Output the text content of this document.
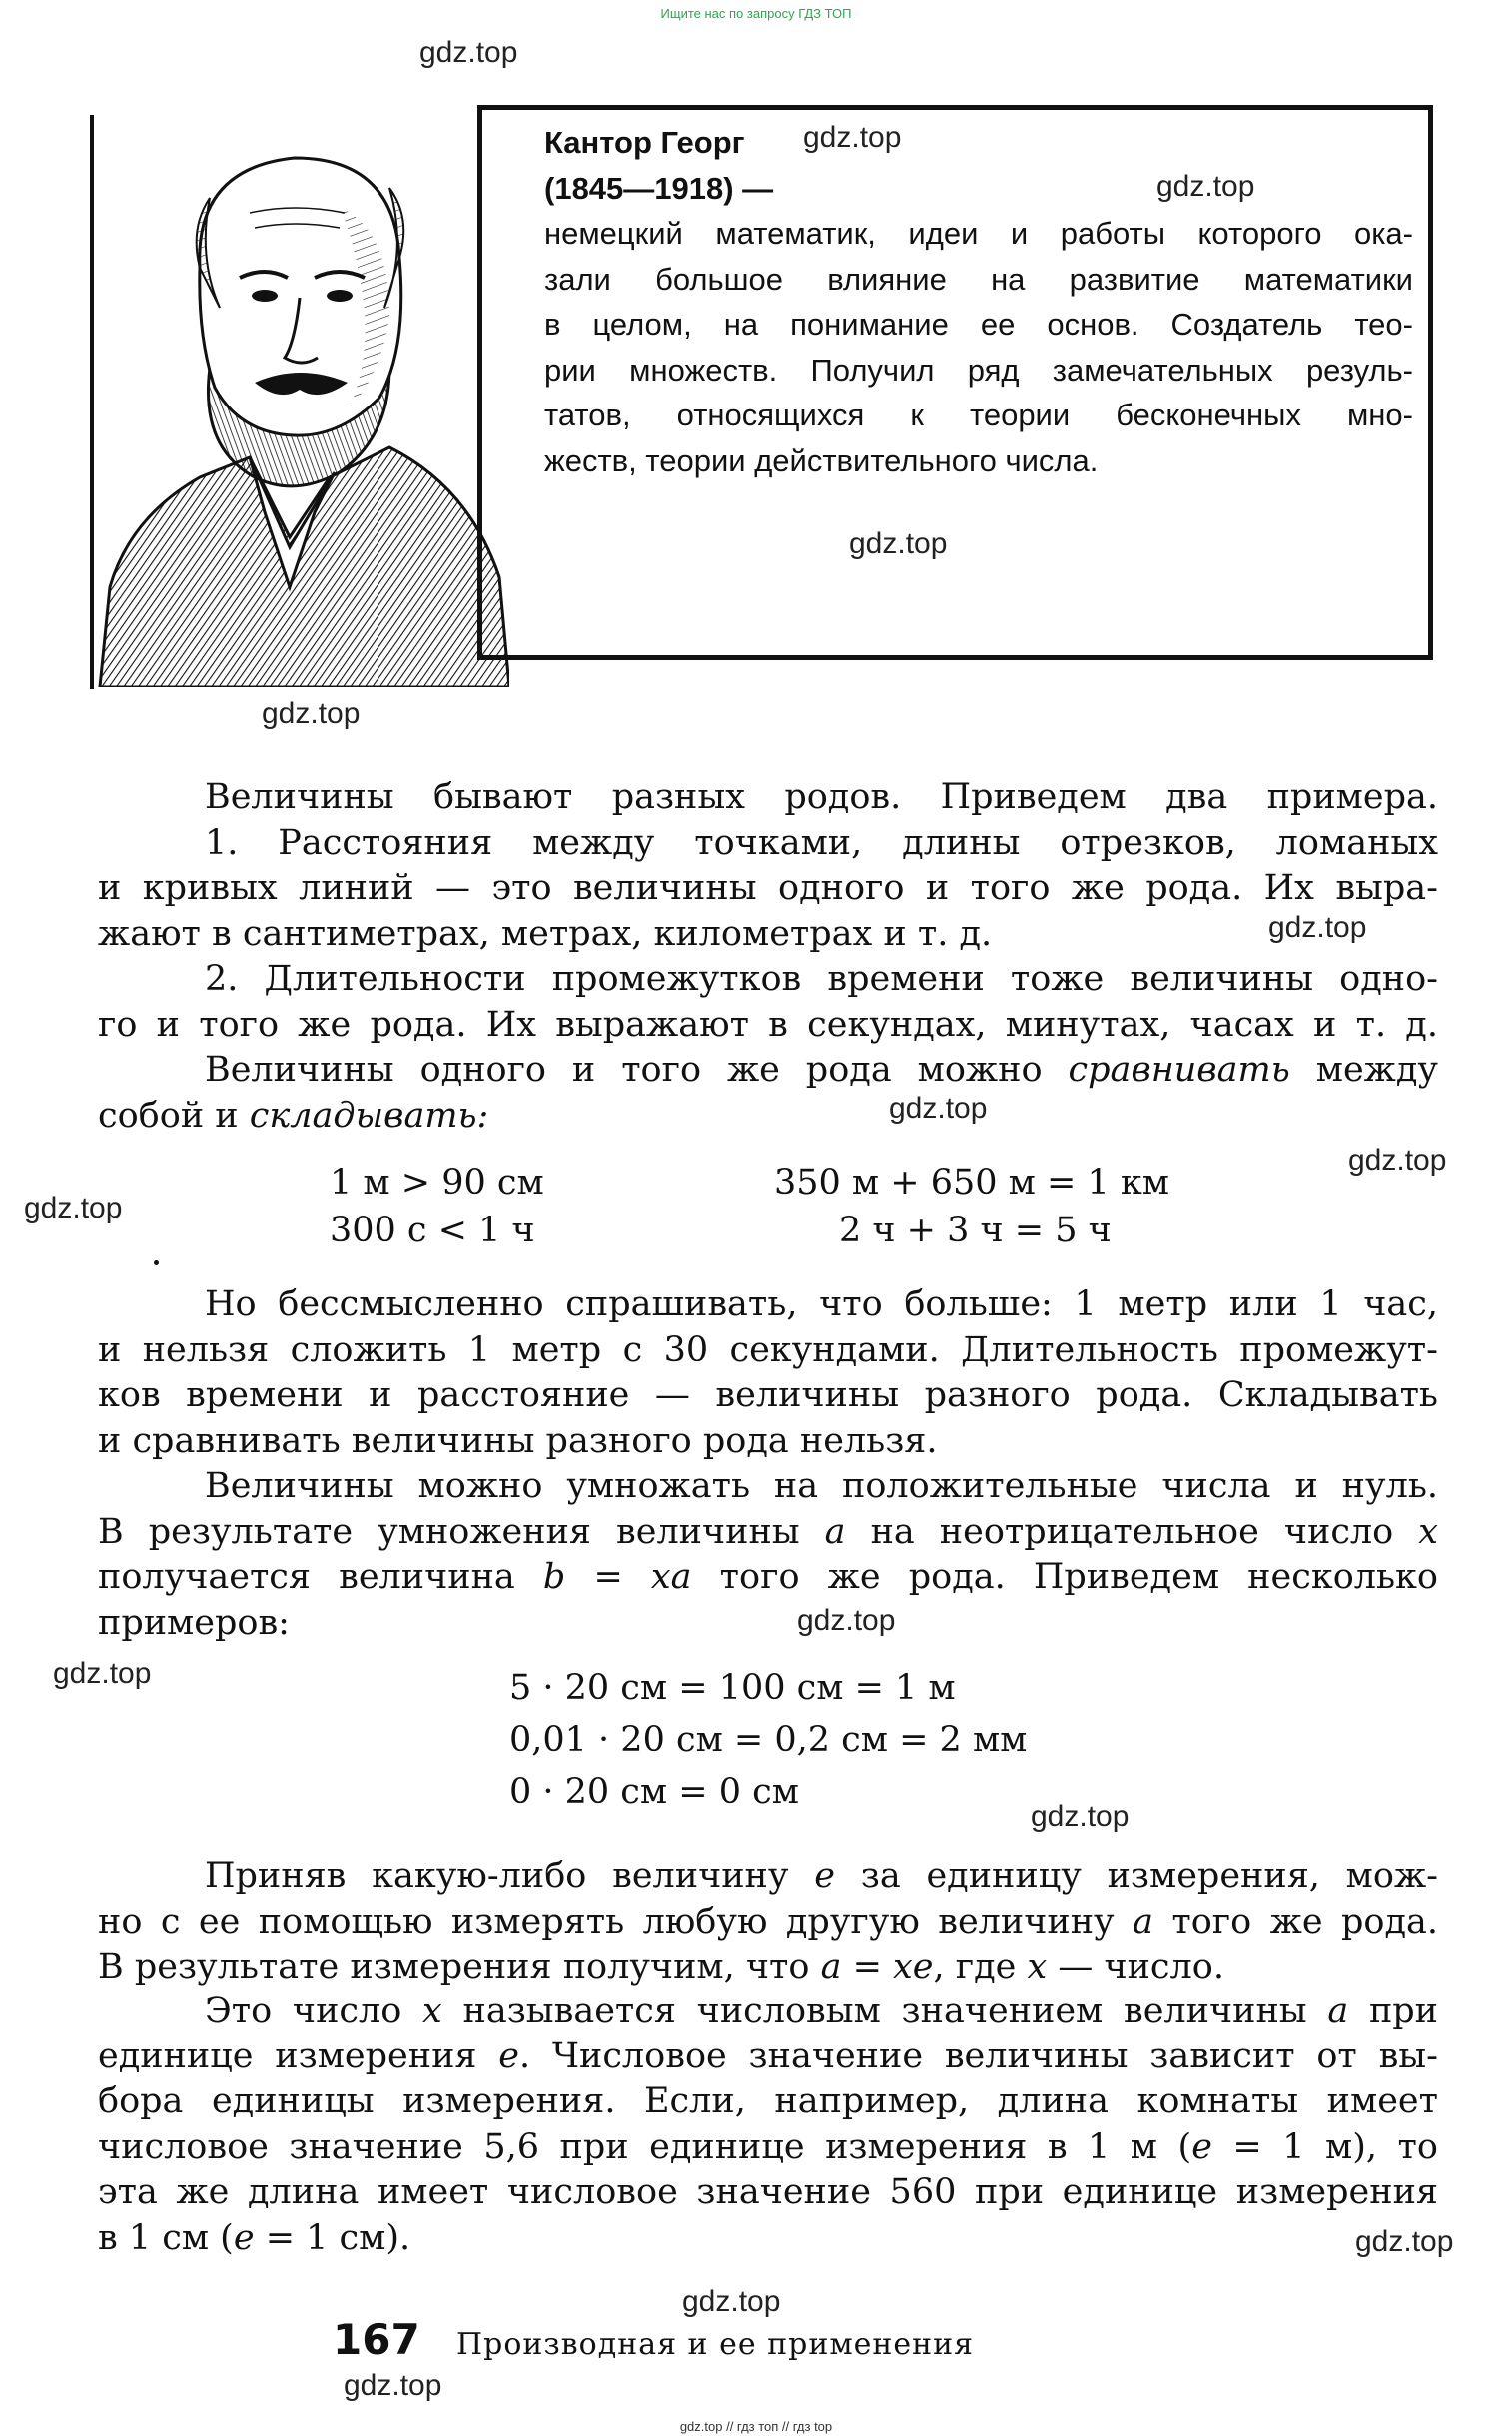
Ищите нас по запросу ГДЗ ТОП
gdz.top
gdz.top
gdz.top
gdz.top
gdz.top
gdz.top
gdz.top
gdz.top
gdz.top
gdz.top
gdz.top
gdz.top
gdz.top
gdz.top
gdz.top
Кантор Георг
(1845—1918) —
немецкий математик, идеи и работы которого ока-
зали большое влияние на развитие математики
в целом, на понимание ее основ. Создатель тео-
рии множеств. Получил ряд замечательных резуль-
татов, относящихся к теории бесконечных мно-
жеств, теории действительного числа.
Величины бывают разных родов. Приведем два примера.
1. Расстояния между точками, длины отрезков, ломаных
и кривых линий — это величины одного и того же рода. Их выра-
жают в сантиметрах, метрах, километрах и т. д.
2. Длительности промежутков времени тоже величины одно-
го и того же рода. Их выражают в секундах, минутах, часах и т. д.
Величины одного и того же рода можно сравнивать между
собой и складывать:
1 м > 90 см
300 с < 1 ч
350 м + 650 м = 1 км
2 ч + 3 ч = 5 ч
Но бессмысленно спрашивать, что больше: 1 метр или 1 час,
и нельзя сложить 1 метр с 30 секундами. Длительность промежут-
ков времени и расстояние — величины разного рода. Складывать
и сравнивать величины разного рода нельзя.
Величины можно умножать на положительные числа и нуль.
В результате умножения величины a на неотрицательное число x
получается величина b = xa того же рода. Приведем несколько
примеров:
5 · 20 см = 100 см = 1 м
0,01 · 20 см = 0,2 см = 2 мм
0 · 20 см = 0 см
Приняв какую-либо величину e за единицу измерения, мож-
но с ее помощью измерять любую другую величину a того же рода.
В результате измерения получим, что a = xe, где x — число.
Это число x называется числовым значением величины a при
единице измерения e. Числовое значение величины зависит от вы-
бора единицы измерения. Если, например, длина комнаты имеет
числовое значение 5,6 при единице измерения в 1 м (e = 1 м), то
эта же длина имеет числовое значение 560 при единице измерения
в 1 см (e = 1 см).
167 Производная и ее применения
gdz.top // гдз топ // гдз top
